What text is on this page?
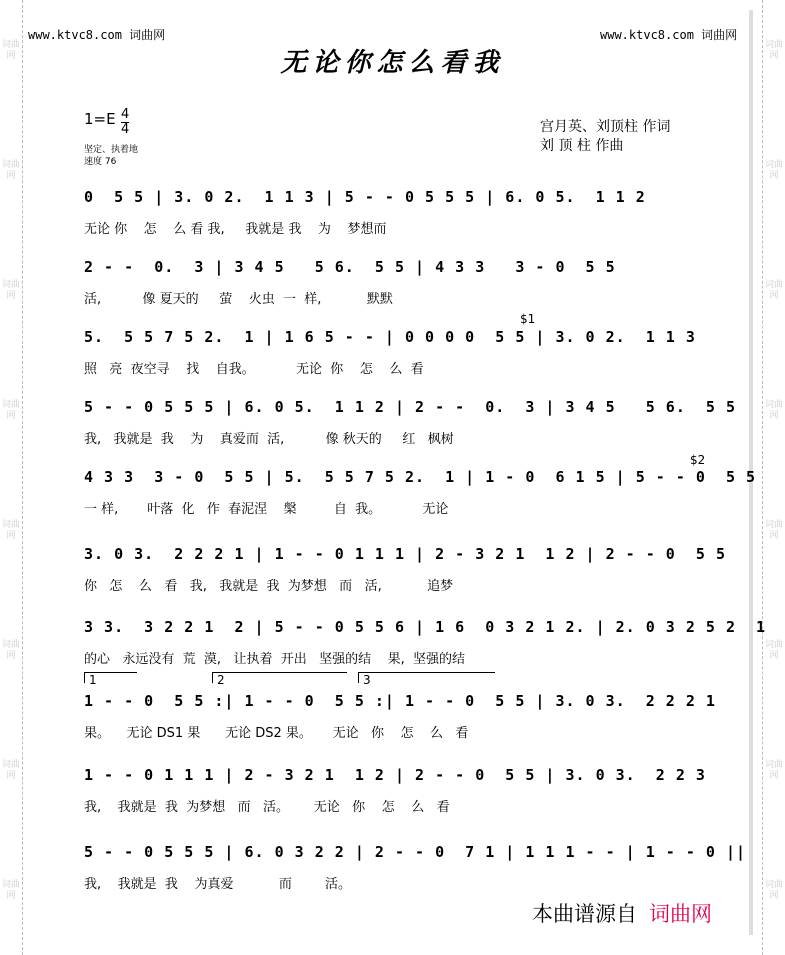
词曲网
词曲网
词曲网
词曲网
词曲网
词曲网
词曲网
词曲网
词曲网
词曲网
词曲网
词曲网
词曲网
词曲网
词曲网
词曲网
www.ktvc8.com 词曲网	www.ktvc8.com 词曲网
无论你怎么看我
$1=E \frac{4}{4}$
坚定、执着地
速度 76
宫月英、刘顶柱 作词
刘 顶 柱 作曲
$1
$2
1	2	3
0  5 5 | 3. 0 2.  1 1 3 | 5 - - 0 5 5 5 | 6. 0 5.  1 1 2
无论 你    怎    么 看 我,     我就是 我    为    梦想而
2 - -  0.  3 | 3 4 5   5 6.  5 5 | 4 3 3   3 - 0  5 5
活,          像 夏天的     萤    火虫  一  样,           默默
5.  5 5 7 5 2.  1 | 1 6 5 - - | 0 0 0 0  5 5 | 3. 0 2.  1 1 3
照   亮  夜空寻    找    自我。          无论  你    怎    么  看
5 - - 0 5 5 5 | 6. 0 5.  1 1 2 | 2 - -  0.  3 | 3 4 5   5 6.  5 5
我,   我就是  我    为    真爱而  活,          像 秋天的     红   枫树
4 3 3  3 - 0  5 5 | 5.  5 5 7 5 2.  1 | 1 - 0  6 1 5 | 5 - - 0  5 5
一 样,       叶落  化   作  春泥涅    槃         自  我。          无论
3. 0 3.  2 2 2 1 | 1 - - 0 1 1 1 | 2 - 3 2 1  1 2 | 2 - - 0  5 5
你   怎    么   看   我,   我就是  我  为梦想   而   活,           追梦
3 3.  3 2 2 1  2 | 5 - - 0 5 5 6 | 1 6  0 3 2 1 2. | 2. 0 3 2 5 2  1
的心   永远没有  荒  漠,   让执着  开出   坚强的结    果,  坚强的结
1 - - 0  5 5 :| 1 - - 0  5 5 :| 1 - - 0  5 5 | 3. 0 3.  2 2 2 1
果。    无论 DS1 果      无论 DS2 果。     无论   你    怎    么   看
1 - - 0 1 1 1 | 2 - 3 2 1  1 2 | 2 - - 0  5 5 | 3. 0 3.  2 2 3
我,    我就是  我  为梦想   而   活。      无论   你    怎    么   看
5 - - 0 5 5 5 | 6. 0 3 2 2 | 2 - - 0  7 1 | 1 1 1 - - | 1 - - 0 ||
我,    我就是  我    为真爱           而        活。
本曲谱源自 词曲网
